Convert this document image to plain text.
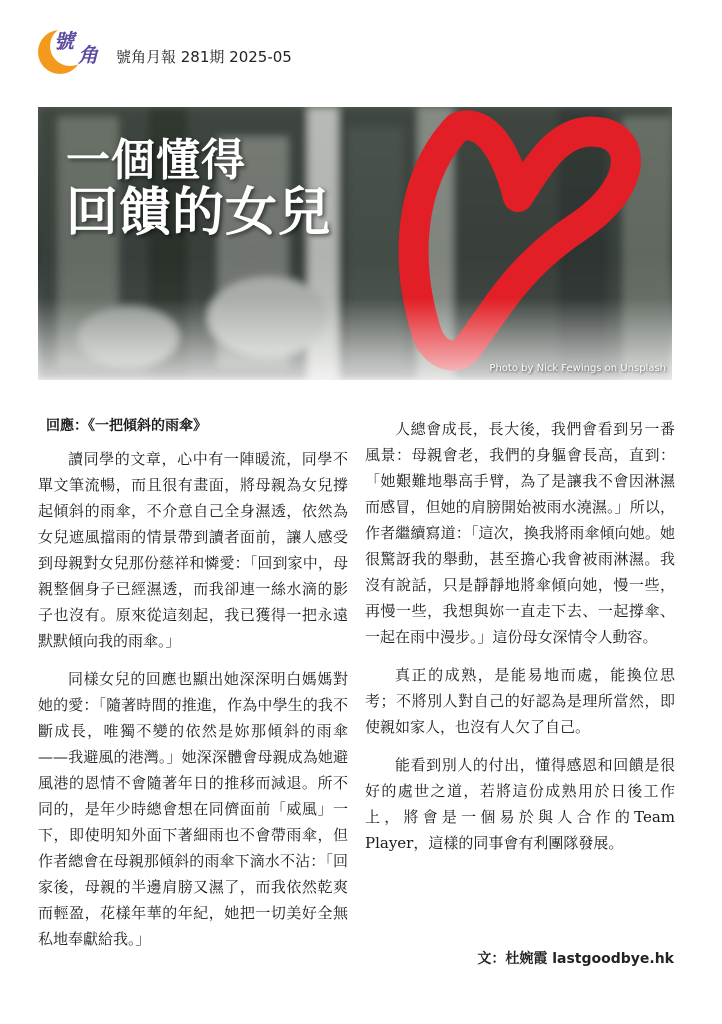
號
角 號角月報 281期 2025-05
一個懂得
回饋的女兒
Photo by Nick Fewings on Unsplash
回應：《一把傾斜的雨傘》

讀同學的文章，心中有一陣暖流，同學不單文筆流暢，而且很有畫面，將母親為女兒撐起傾斜的雨傘，不介意自己全身濕透，依然為女兒遮風擋雨的情景帶到讀者面前，讓人感受到母親對女兒那份慈祥和憐愛：「回到家中，母親整個身子已經濕透，而我卻連一絲水滴的影子也沒有。原來從這刻起，我已獲得一把永遠默默傾向我的雨傘。」

同樣女兒的回應也顯出她深深明白媽媽對她的愛：「隨著時間的推進，作為中學生的我不斷成長，唯獨不變的依然是妳那傾斜的雨傘——我避風的港灣。」她深深體會母親成為她避風港的恩情不會隨著年日的推移而減退。所不同的，是年少時總會想在同儕面前「威風」一下，即使明知外面下著細雨也不會帶雨傘，但作者總會在母親那傾斜的雨傘下滴水不沾：「回家後，母親的半邊肩膀又濕了，而我依然乾爽而輕盈，花樣年華的年紀，她把一切美好全無私地奉獻給我。」

人總會成長，長大後，我們會看到另一番風景：母親會老，我們的身軀會長高，直到：「她艱難地舉高手臂，為了是讓我不會因淋濕而感冒，但她的肩膀開始被雨水澆濕。」所以，作者繼續寫道：「這次，換我將雨傘傾向她。她很驚訝我的舉動，甚至擔心我會被雨淋濕。我沒有說話，只是靜靜地將傘傾向她，慢一些，再慢一些，我想與妳一直走下去、一起撐傘、一起在雨中漫步。」這份母女深情令人動容。

真正的成熟，是能易地而處，能換位思考；不將別人對自己的好認為是理所當然，即使親如家人，也沒有人欠了自己。

能看到別人的付出，懂得感恩和回饋是很好的處世之道，若將這份成熟用於日後工作上，將會是一個易於與人合作的Team Player，這樣的同事會有利團隊發展。

文：杜婉霞 lastgoodbye.hk
